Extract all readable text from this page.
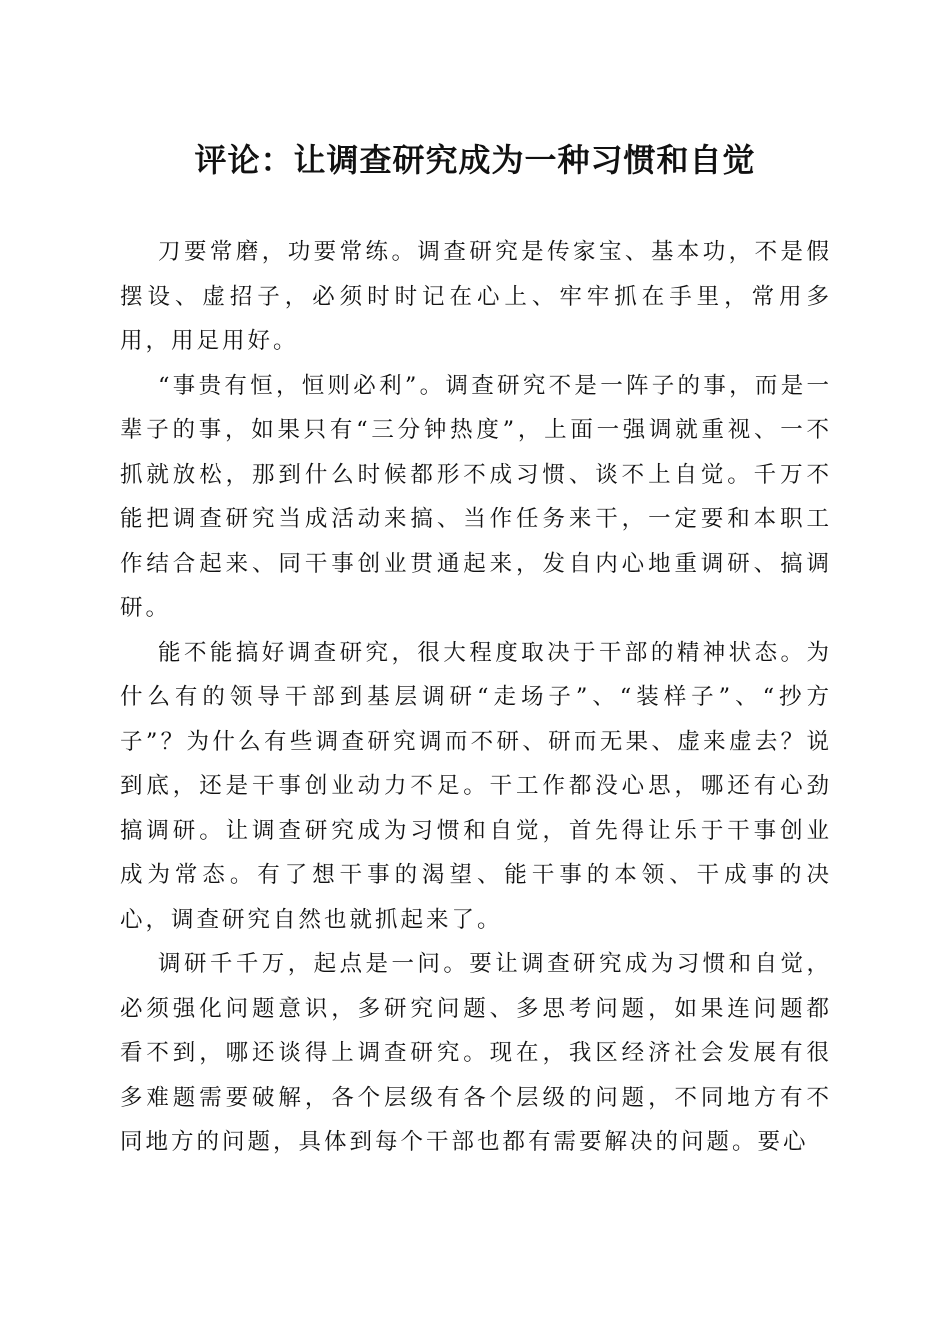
评论：让调查研究成为一种习惯和自觉

刀要常磨，功要常练。调查研究是传家宝、基本功，不是假摆设、虚招子，必须时时记在心上、牢牢抓在手里，常用多用，用足用好。

“事贵有恒，恒则必利”。调查研究不是一阵子的事，而是一辈子的事，如果只有“三分钟热度”，上面一强调就重视、一不抓就放松，那到什么时候都形不成习惯、谈不上自觉。千万不能把调查研究当成活动来搞、当作任务来干，一定要和本职工作结合起来、同干事创业贯通起来，发自内心地重调研、搞调研。

能不能搞好调查研究，很大程度取决于干部的精神状态。为什么有的领导干部到基层调研“走场子”、“装样子”、“抄方子”？为什么有些调查研究调而不研、研而无果、虚来虚去？说到底，还是干事创业动力不足。干工作都没心思，哪还有心劲搞调研。让调查研究成为习惯和自觉，首先得让乐于干事创业成为常态。有了想干事的渴望、能干事的本领、干成事的决心，调查研究自然也就抓起来了。

调研千千万，起点是一问。要让调查研究成为习惯和自觉，必须强化问题意识，多研究问题、多思考问题，如果连问题都看不到，哪还谈得上调查研究。现在，我区经济社会发展有很多难题需要破解，各个层级有各个层级的问题，不同地方有不同地方的问题，具体到每个干部也都有需要解决的问题。要心
